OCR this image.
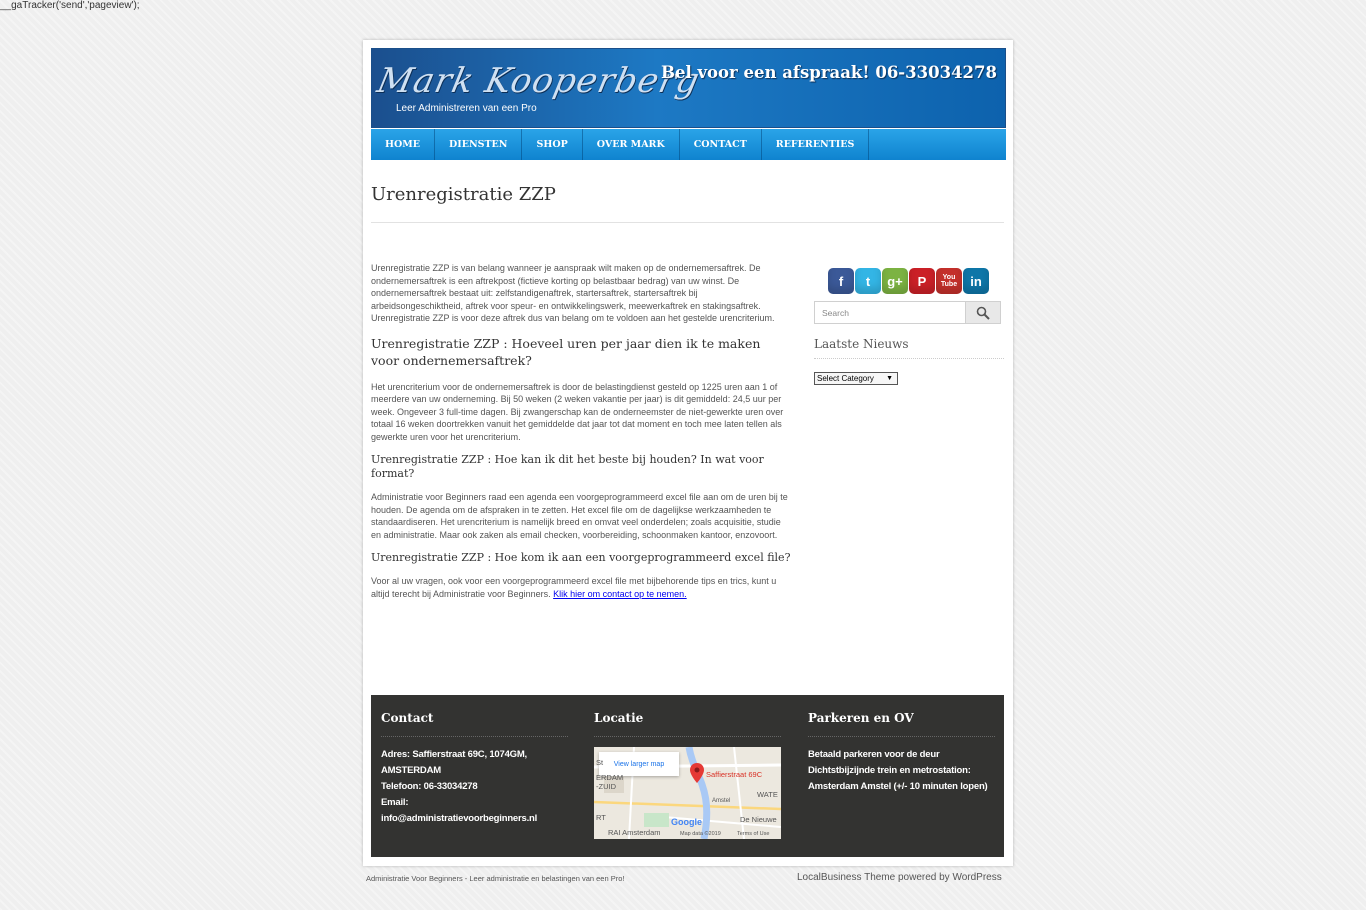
__gaTracker('send','pageview');
Mark Kooperberg
Leer Administreren van een Pro
Bel voor een afspraak! 06-33034278
HOME	DIENSTEN	SHOP	OVER MARK	CONTACT	REFERENTIES
Urenregistratie ZZP

Urenregistratie ZZP is van belang wanneer je aanspraak wilt maken op de ondernemersaftrek. De ondernemersaftrek is een aftrekpost (fictieve korting op belastbaar bedrag) van uw winst. De ondernemersaftrek bestaat uit: zelfstandigenaftrek, startersaftrek, startersaftrek bij arbeidsongeschiktheid, aftrek voor speur- en ontwikkelingswerk, meewerkaftrek en stakingsaftrek. Urenregistratie ZZP is voor deze aftrek dus van belang om te voldoen aan het gestelde urencriterium.

Urenregistratie ZZP : Hoeveel uren per jaar dien ik te maken voor ondernemersaftrek?

Het urencriterium voor de ondernemersaftrek is door de belastingdienst gesteld op 1225 uren aan 1 of meerdere van uw onderneming. Bij 50 weken (2 weken vakantie per jaar) is dit gemiddeld: 24,5 uur per week. Ongeveer 3 full-time dagen. Bij zwangerschap kan de onderneemster de niet-gewerkte uren over totaal 16 weken doortrekken vanuit het gemiddelde dat jaar tot dat moment en toch mee laten tellen als gewerkte uren voor het urencriterium.

Urenregistratie ZZP : Hoe kan ik dit het beste bij houden? In wat voor format?

Administratie voor Beginners raad een agenda een voorgeprogrammeerd excel file aan om de uren bij te houden. De agenda om de afspraken in te zetten. Het excel file om de dagelijkse werkzaamheden te standaardiseren. Het urencriterium is namelijk breed en omvat veel onderdelen; zoals acquisitie, studie en administratie. Maar ook zaken als email checken, voorbereiding, schoonmaken kantoor, enzovoort.

Urenregistratie ZZP : Hoe kom ik aan een voorgeprogrammeerd excel file?

Voor al uw vragen, ook voor een voorgeprogrammeerd excel file met bijbehorende tips en trics, kunt u altijd terecht bij Administratie voor Beginners. Klik hier om contact op te nemen.

f	t	g+	P	You Tube	in
Search
Laatste Nieuws
Select Category ▼
Contact
Adres: Saffierstraat 69C, 1074GM, AMSTERDAM
Telefoon: 06-33034278
Email:
info@administratievoorbeginners.nl
Locatie
View larger map
Saffierstraat 69C
St
ERDAM
-ZUID
WATE
RT	De Nieuwe
RAI Amsterdam
Amstel
Google
Map data ©2019	Terms of Use
Parkeren en OV
Betaald parkeren voor de deur Dichtstbijzijnde trein en metrostation: Amsterdam Amstel (+/- 10 minuten lopen)
Administratie Voor Beginners - Leer administratie en belastingen van een Pro!	LocalBusiness Theme powered by WordPress
